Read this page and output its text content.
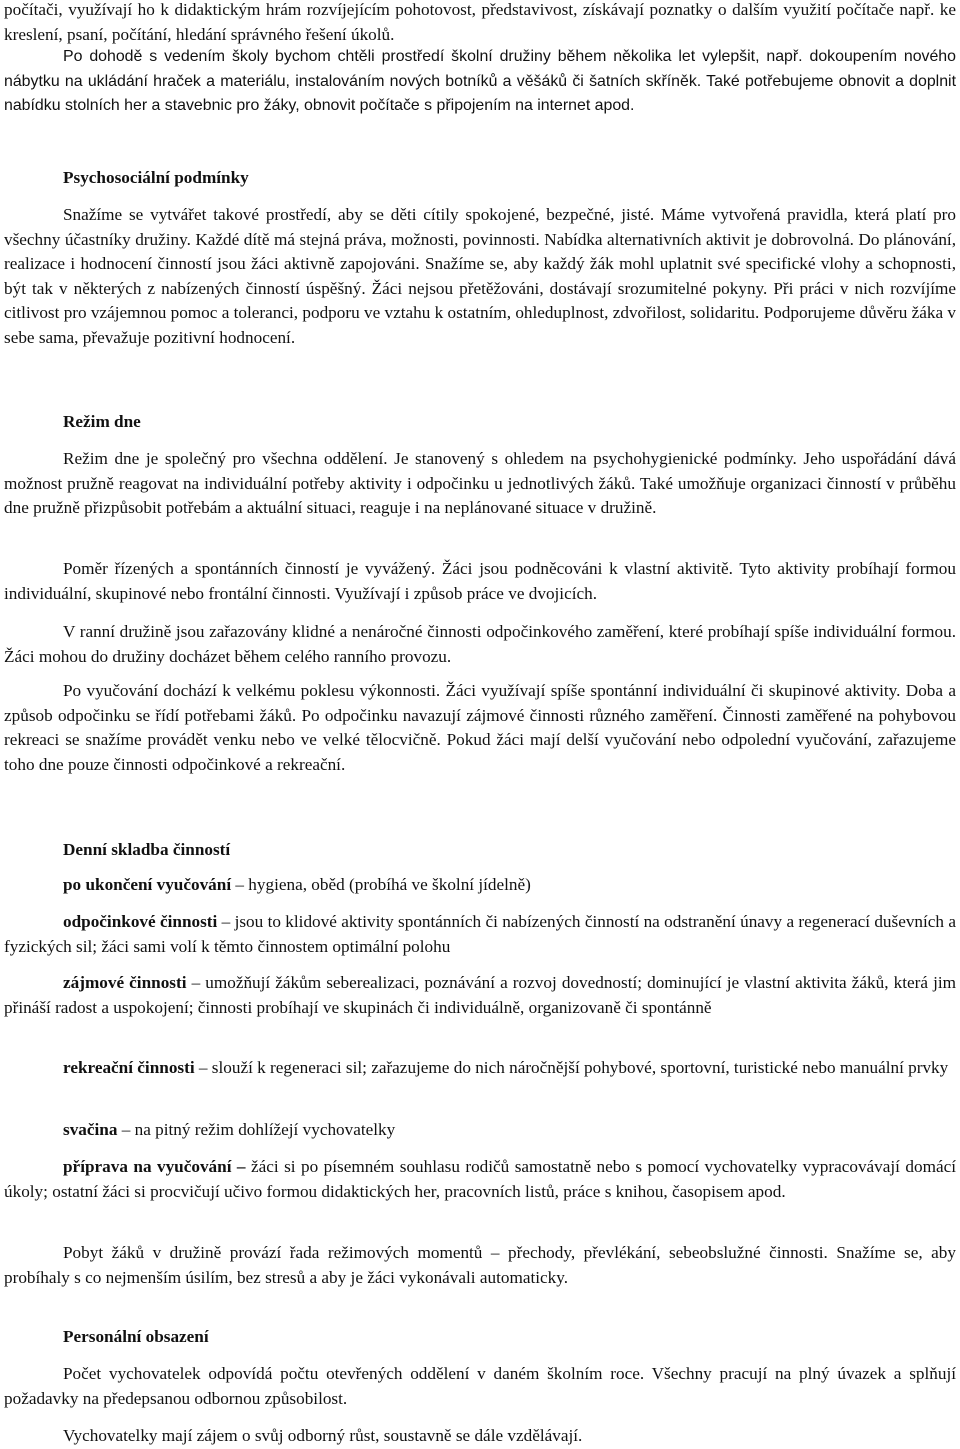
počítači, využívají ho k didaktickým hrám rozvíjejícím pohotovost, představivost, získávají poznatky o dalším využití počítače např. ke kreslení, psaní, počítání, hledání správného řešení úkolů.

Po dohodě s vedením školy bychom chtěli prostředí školní družiny během několika let vylepšit, např. dokoupením nového nábytku na ukládání hraček a materiálu, instalováním nových botníků a věšáků či šatních skříněk. Také potřebujeme obnovit a doplnit nabídku stolních her a stavebnic pro žáky, obnovit počítače s připojením na internet apod.

Psychosociální podmínky

Snažíme se vytvářet takové prostředí, aby se děti cítily spokojené, bezpečné, jisté. Máme vytvořená pravidla, která platí pro všechny účastníky družiny. Každé dítě má stejná práva, možnosti, povinnosti. Nabídka alternativních aktivit je dobrovolná. Do plánování, realizace i hodnocení činností jsou žáci aktivně zapojováni. Snažíme se, aby každý žák mohl uplatnit své specifické vlohy a schopnosti, být tak v některých z nabízených činností úspěšný. Žáci nejsou přetěžováni, dostávají srozumitelné pokyny. Při práci v nich rozvíjíme citlivost pro vzájemnou pomoc a toleranci, podporu ve vztahu k ostatním, ohleduplnost, zdvořilost, solidaritu. Podporujeme důvěru žáka v sebe sama, převažuje pozitivní hodnocení.

Režim dne

Režim dne je společný pro všechna oddělení. Je stanovený s ohledem na psychohygienické podmínky. Jeho uspořádání dává možnost pružně reagovat na individuální potřeby aktivity i odpočinku u jednotlivých žáků. Také umožňuje organizaci činností v průběhu dne pružně přizpůsobit potřebám a aktuální situaci, reaguje i na neplánované situace v družině.

Poměr řízených a spontánních činností je vyvážený. Žáci jsou podněcováni k vlastní aktivitě. Tyto aktivity probíhají formou individuální, skupinové nebo frontální činnosti. Využívají i způsob práce ve dvojicích.

V ranní družině jsou zařazovány klidné a nenáročné činnosti odpočinkového zaměření, které probíhají spíše individuální formou. Žáci mohou do družiny docházet během celého ranního provozu.

Po vyučování dochází k velkému poklesu výkonnosti. Žáci využívají spíše spontánní individuální či skupinové aktivity. Doba a způsob odpočinku se řídí potřebami žáků. Po odpočinku navazují zájmové činnosti různého zaměření. Činnosti zaměřené na pohybovou rekreaci se snažíme provádět venku nebo ve velké tělocvičně. Pokud žáci mají delší vyučování nebo odpolední vyučování, zařazujeme toho dne pouze činnosti odpočinkové a rekreační.

Denní skladba činností

po ukončení vyučování – hygiena, oběd (probíhá ve školní jídelně)

odpočinkové činnosti – jsou to klidové aktivity spontánních či nabízených činností na odstranění únavy a regenerací duševních a fyzických sil; žáci sami volí k těmto činnostem optimální polohu

zájmové činnosti – umožňují žákům seberealizaci, poznávání a rozvoj dovedností; dominující je vlastní aktivita žáků, která jim přináší radost a uspokojení; činnosti probíhají ve skupinách či individuálně, organizovaně či spontánně

rekreační činnosti – slouží k regeneraci sil; zařazujeme do nich náročnější pohybové, sportovní, turistické nebo manuální prvky

svačina – na pitný režim dohlížejí vychovatelky

příprava na vyučování – žáci si po písemném souhlasu rodičů samostatně nebo s pomocí vychovatelky vypracovávají domácí úkoly; ostatní žáci si procvičují učivo formou didaktických her, pracovních listů, práce s knihou, časopisem apod.

Pobyt žáků v družině provází řada režimových momentů – přechody, převlékání, sebeobslužné činnosti. Snažíme se, aby probíhaly s co nejmenším úsilím, bez stresů a aby je žáci vykonávali automaticky.

Personální obsazení

Počet vychovatelek odpovídá počtu otevřených oddělení v daném školním roce. Všechny pracují na plný úvazek a splňují požadavky na předepsanou odbornou způsobilost.

Vychovatelky mají zájem o svůj odborný růst, soustavně se dále vzdělávají.
